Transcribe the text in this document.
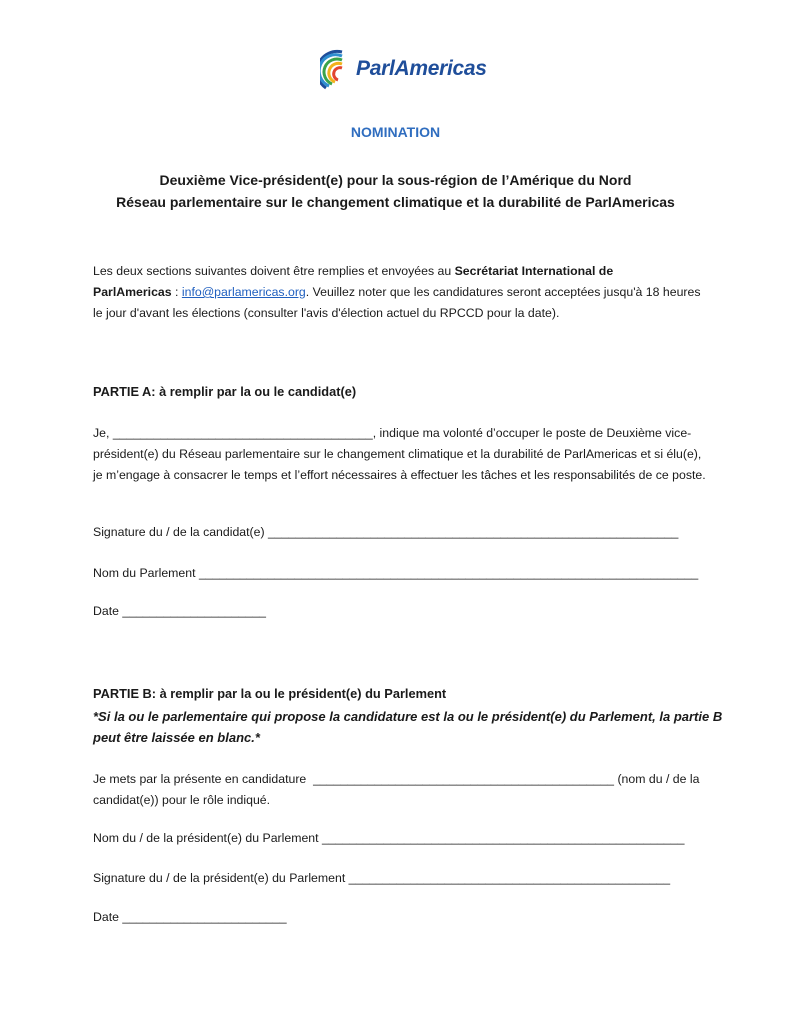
ParlAmericas
NOMINATION
Deuxième Vice-président(e) pour la sous-région de l’Amérique du Nord
Réseau parlementaire sur le changement climatique et la durabilité de ParlAmericas
Les deux sections suivantes doivent être remplies et envoyées au Secrétariat International de
ParlAmericas : info@parlamericas.org. Veuillez noter que les candidatures seront acceptées jusqu'à 18 heures le jour d'avant les élections (consulter l'avis d'élection actuel du RPCCD pour la date).
PARTIE A: à remplir par la ou le candidat(e)
Je, ______________________________________, indique ma volonté d’occuper le poste de Deuxième vice-président(e) du Réseau parlementaire sur le changement climatique et la durabilité de ParlAmericas et si élu(e), je m’engage à consacrer le temps et l’effort nécessaires à effectuer les tâches et les responsabilités de ce poste.
Signature du / de la candidat(e) ____________________________________________________________
Nom du Parlement _________________________________________________________________________
Date _____________________
PARTIE B: à remplir par la ou le président(e) du Parlement
*Si la ou le parlementaire qui propose la candidature est la ou le président(e) du Parlement, la partie B peut être laissée en blanc.*
Je mets par la présente en candidature  ____________________________________________ (nom du / de la candidat(e)) pour le rôle indiqué.
Nom du / de la président(e) du Parlement _____________________________________________________
Signature du / de la président(e) du Parlement _______________________________________________
Date ________________________
